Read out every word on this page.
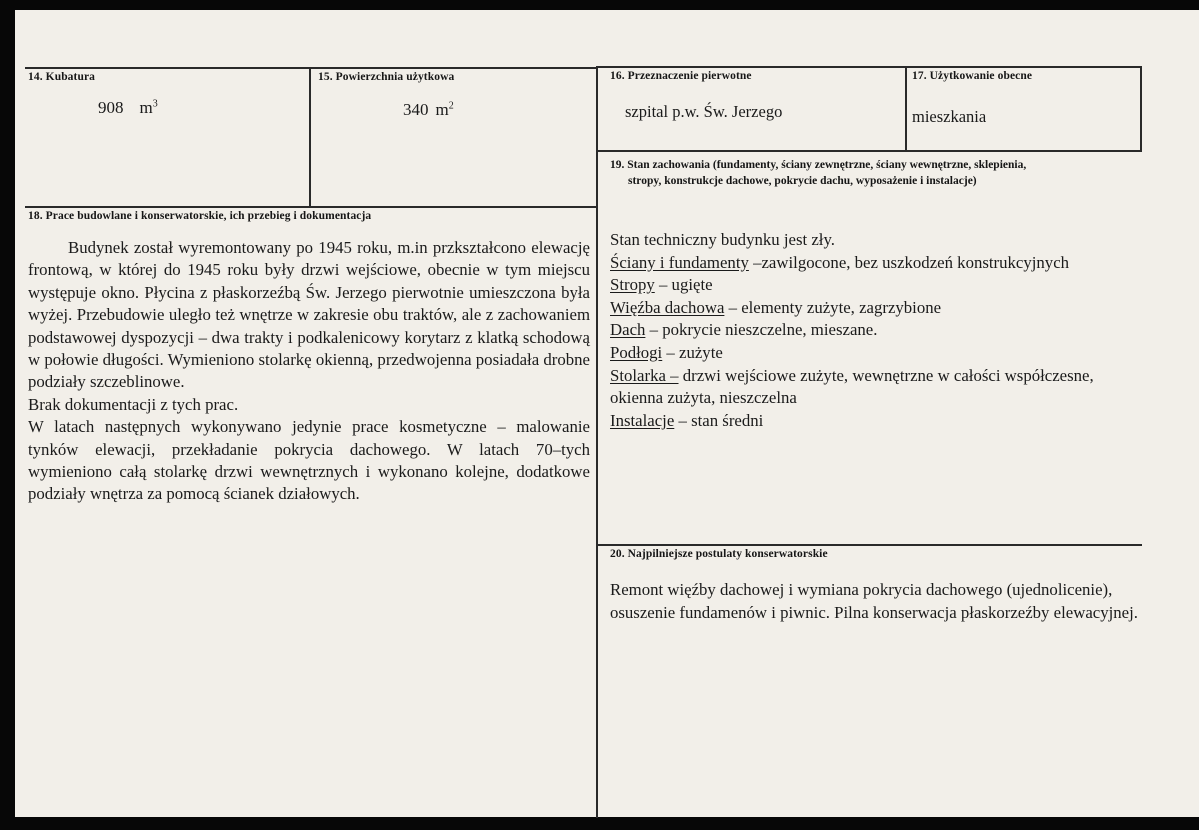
14. Kubatura
908 $m^3$
15. Powierzchnia użytkowa
340 $m^2$
16. Przeznaczenie pierwotne
szpital p.w. Św. Jerzego
17. Użytkowanie obecne
mieszkania
19. Stan zachowania (fundamenty, ściany zewnętrzne, ściany wewnętrzne, sklepienia,
stropy, konstrukcje dachowe, pokrycie dachu, wyposażenie i instalacje)
Stan techniczny budynku jest zły.
Ściany i fundamenty –zawilgocone, bez uszkodzeń konstrukcyjnych
Stropy – ugięte
Więźba dachowa – elementy zużyte, zagrzybione
Dach – pokrycie nieszczelne, mieszane.
Podłogi – zużyte
Stolarka – drzwi wejściowe zużyte, wewnętrzne w całości współczesne, okienna zużyta, nieszczelna
Instalacje – stan średni
18. Prace budowlane i konserwatorskie, ich przebieg i dokumentacja

Budynek został wyremontowany po 1945 roku, m.in przkształcono elewację frontową, w której do 1945 roku były drzwi wejściowe, obecnie w tym miejscu występuje okno. Płycina z płaskorzeźbą Św. Jerzego pierwotnie umieszczona była wyżej. Przebudowie uległo też wnętrze w zakresie obu traktów, ale z zachowaniem podstawowej dyspozycji – dwa trakty i podkalenicowy korytarz z klatką schodową w połowie długości. Wymieniono stolarkę okienną, przedwojenna posiadała drobne podziały szczeblinowe.

Brak dokumentacji z tych prac.

W latach następnych wykonywano jedynie prace kosmetyczne – malowanie tynków elewacji, przekładanie pokrycia dachowego. W latach 70–tych wymieniono całą stolarkę drzwi wewnętrznych i wykonano kolejne, dodatkowe podziały wnętrza za pomocą ścianek działowych.

20. Najpilniejsze postulaty konserwatorskie
Remont więźby dachowej i wymiana pokrycia dachowego (ujednolicenie), osuszenie fundamenów i piwnic. Pilna konserwacja płaskorzeźby elewacyjnej.
